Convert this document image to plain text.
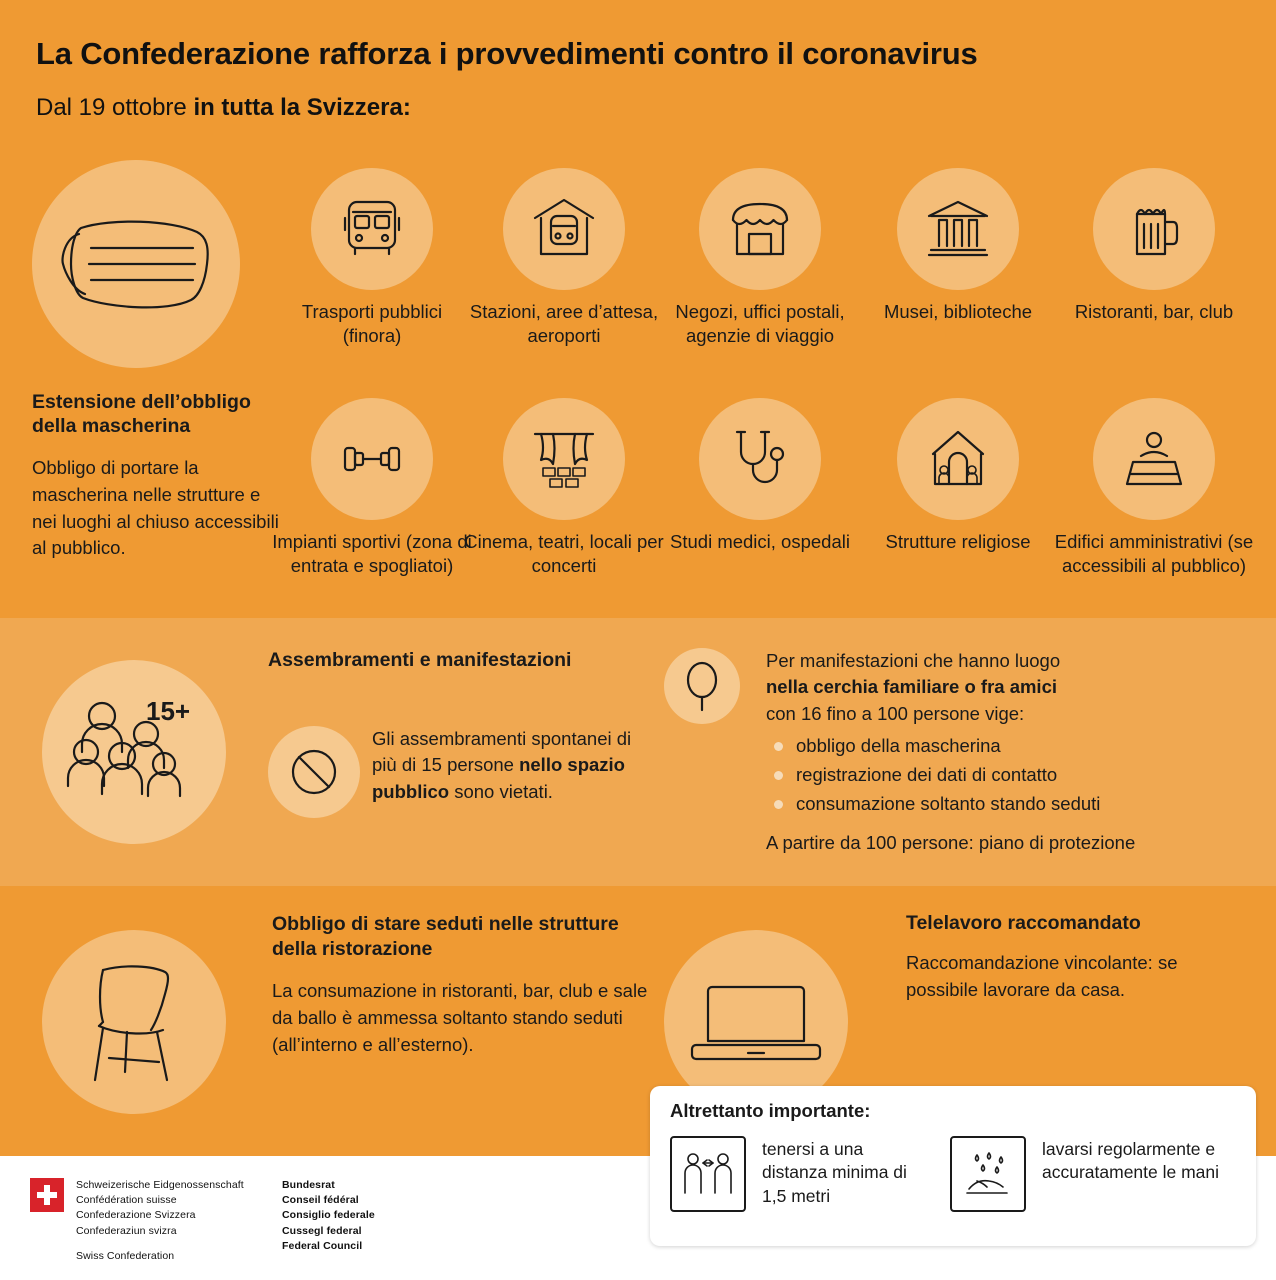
La Confederazione rafforza i provvedimenti contro il coronavirus
Dal 19 ottobre in tutta la Svizzera:
Estensione dell’obbligo della mascherina
Obbligo di portare la mascherina nelle strutture e nei luoghi al chiuso accessibili al pubblico.
Trasporti pubblici (finora)
Stazioni, aree d’attesa, aeroporti
Negozi, uffici postali, agenzie di viaggio
Musei, biblioteche	Ristoranti, bar, club
Impianti sportivi (zona di entrata e spogliatoi)
Cinema, teatri, locali per concerti
Studi medici, ospedali	Strutture religiose	Edifici amministrativi (se accessibili al pubblico)
15+
Assembramenti e manifestazioni
Gli assembramenti spontanei di più di 15 persone nello spazio pubblico sono vietati.
Per manifestazioni che hanno luogo
nella cerchia familiare o fra amici
con 16 fino a 100 persone vige:
obbligo della mascherina
registrazione dei dati di contatto
consumazione soltanto stando seduti
A partire da 100 persone: piano di protezione
Obbligo di stare seduti nelle strutture della ristorazione
La consumazione in ristoranti, bar, club e sale da ballo è ammessa soltanto stando seduti (all’interno e all’esterno).
Telelavoro raccomandato
Raccomandazione vincolante: se possibile lavorare da casa.
Altrettanto importante:
tenersi a una distanza minima di 1,5 metri
lavarsi regolarmente e accuratamente le mani
Schweizerische Eidgenossenschaft
Confédération suisse
Confederazione Svizzera
Confederaziun svizra
Bundesrat
Conseil fédéral
Consiglio federale
Cussegl federal
Federal Council
Swiss Confederation
